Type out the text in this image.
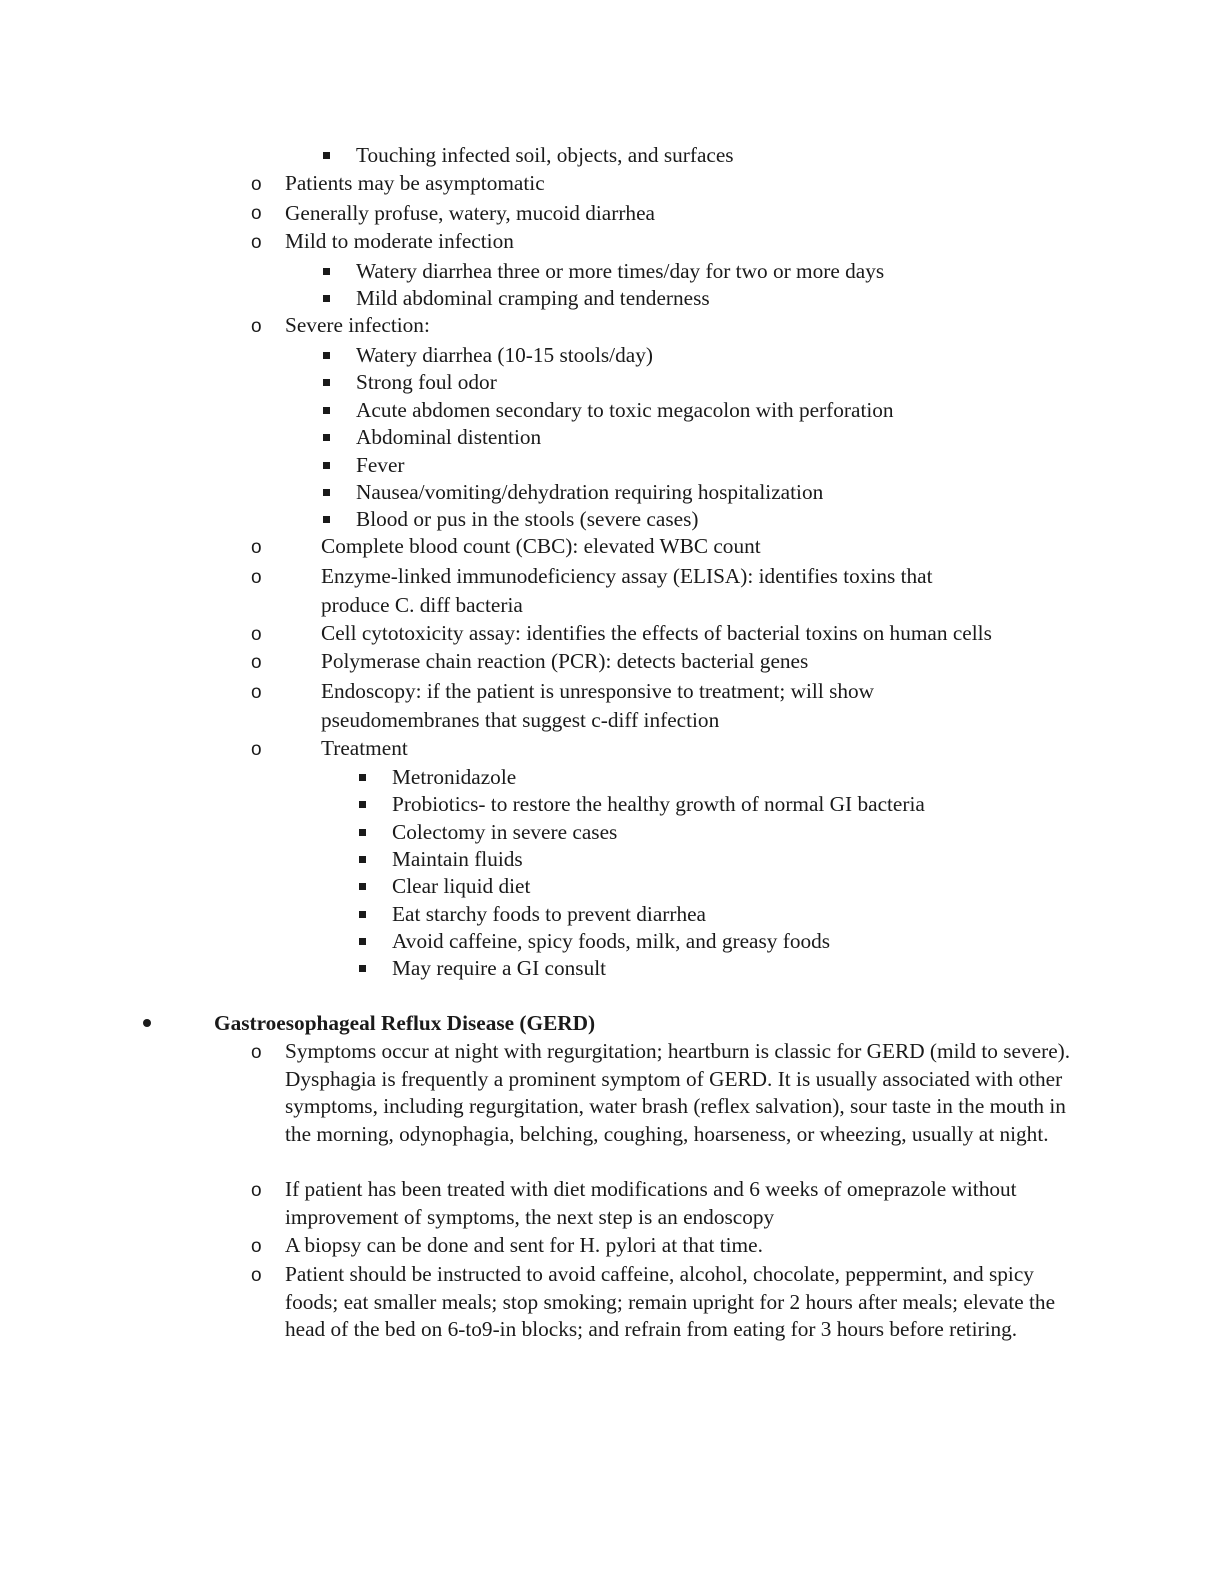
Touching infected soil, objects, and surfaces
o Patients may be asymptomatic
o Generally profuse, watery, mucoid diarrhea
o Mild to moderate infection
Watery diarrhea three or more times/day for two or more days
Mild abdominal cramping and tenderness
o Severe infection:
Watery diarrhea (10-15 stools/day)
Strong foul odor
Acute abdomen secondary to toxic megacolon with perforation
Abdominal distention
Fever
Nausea/vomiting/dehydration requiring hospitalization
Blood or pus in the stools (severe cases)
o	Complete blood count (CBC): elevated WBC count
o	Enzyme-linked immunodeficiency assay (ELISA): identifies toxins that
produce C. diff bacteria
o	Cell cytotoxicity assay: identifies the effects of bacterial toxins on human cells
o	Polymerase chain reaction (PCR): detects bacterial genes
o	Endoscopy: if the patient is unresponsive to treatment; will show
pseudomembranes that suggest c-diff infection
o	Treatment
Metronidazole
Probiotics- to restore the healthy growth of normal GI bacteria
Colectomy in severe cases
Maintain fluids
Clear liquid diet
Eat starchy foods to prevent diarrhea
Avoid caffeine, spicy foods, milk, and greasy foods
May require a GI consult
Gastroesophageal Reflux Disease (GERD)
o Symptoms occur at night with regurgitation; heartburn is classic for GERD (mild to severe). Dysphagia is frequently a prominent symptom of GERD. It is usually associated with other symptoms, including regurgitation, water brash (reflex salvation), sour taste in the mouth in the morning, odynophagia, belching, coughing, hoarseness, or wheezing, usually at night.
o If patient has been treated with diet modifications and 6 weeks of omeprazole without improvement of symptoms, the next step is an endoscopy
o A biopsy can be done and sent for H. pylori at that time.
o Patient should be instructed to avoid caffeine, alcohol, chocolate, peppermint, and spicy foods; eat smaller meals; stop smoking; remain upright for 2 hours after meals; elevate the head of the bed on 6-to9-in blocks; and refrain from eating for 3 hours before retiring.
